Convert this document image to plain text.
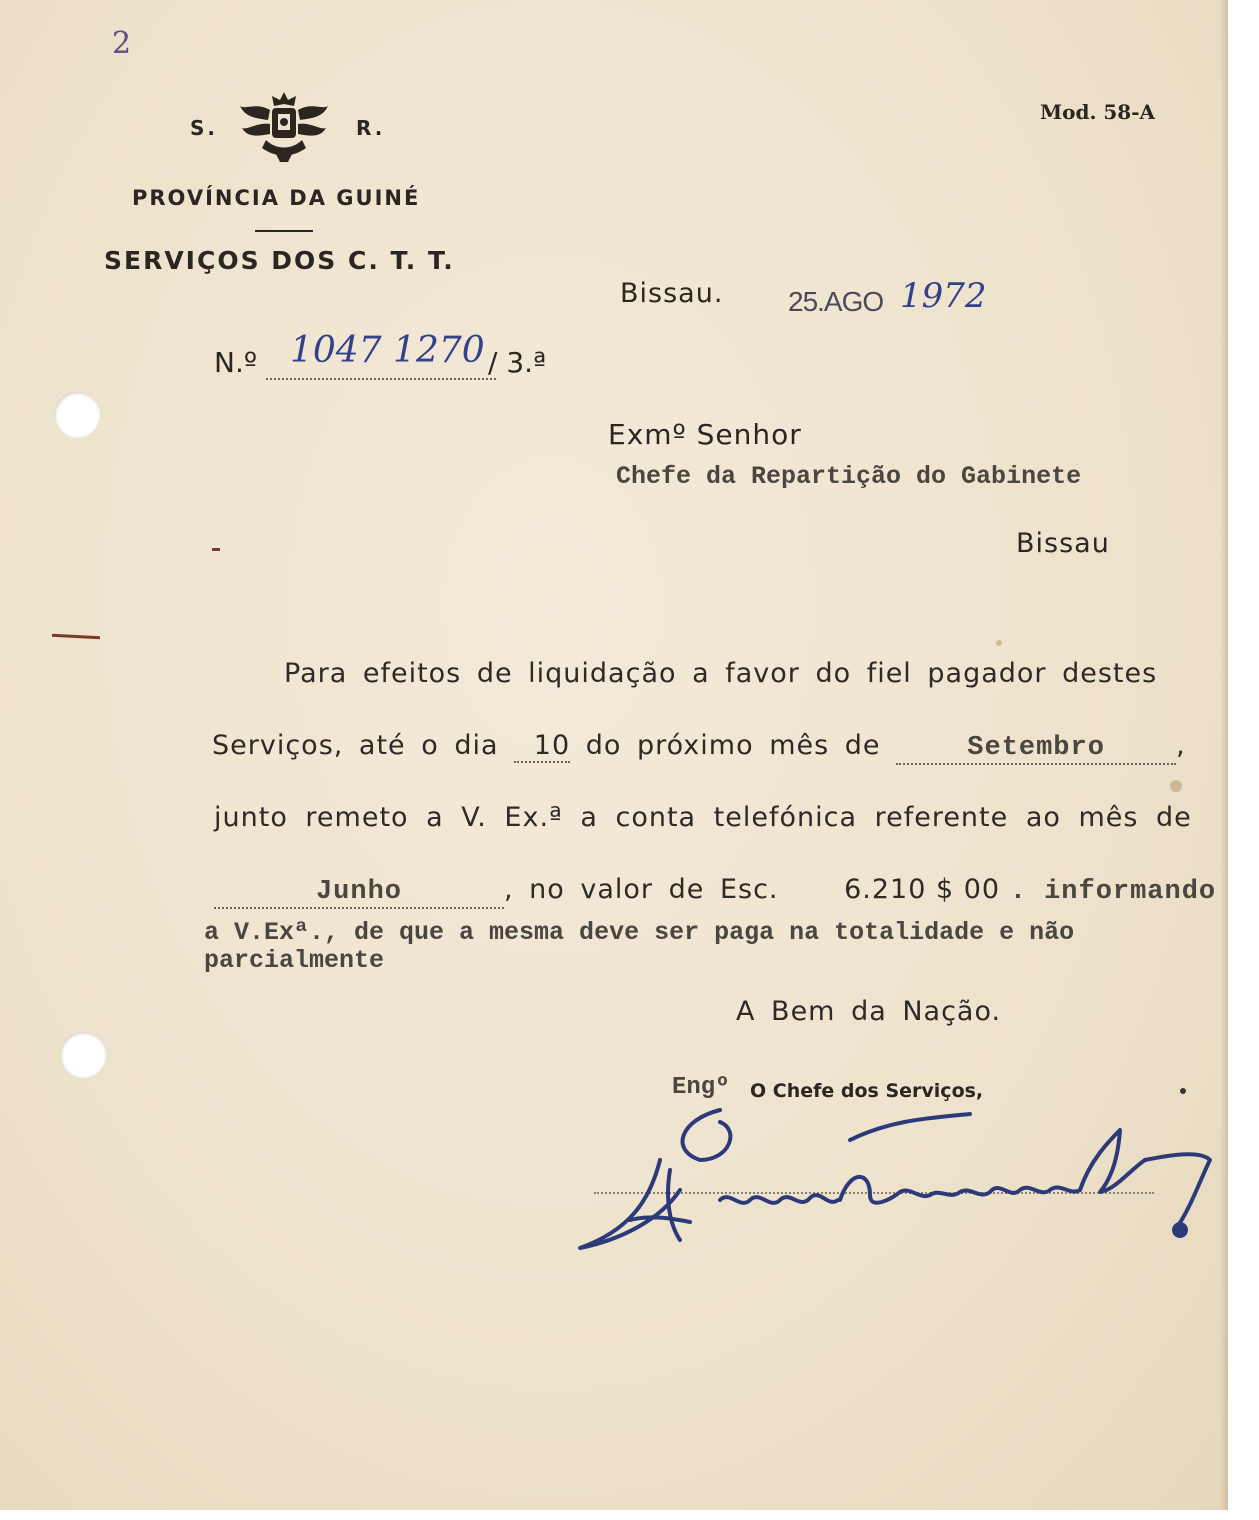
2
S.	R.
PROVÍNCIA DA GUINÉ
SERVIÇOS DOS C. T. T.
Mod. 58-A
Bissau. 25.AGO 1972
N.º 1047 1270 / 3.ª
Exmº Senhor
Chefe da Repartição do Gabinete
Bissau
Para efeitos de liquidação a favor do fiel pagador destes
Serviços, até o dia 10 do próximo mês de	Setembro	,
junto remeto a V. Ex.ª a conta telefónica referente ao mês de
Junho	, no valor de Esc. 6.210 $ 00 . informando
a V.Exª., de que a mesma deve ser paga na totalidade e não
parcialmente
A Bem da Nação.
Engº O Chefe dos Serviços,
